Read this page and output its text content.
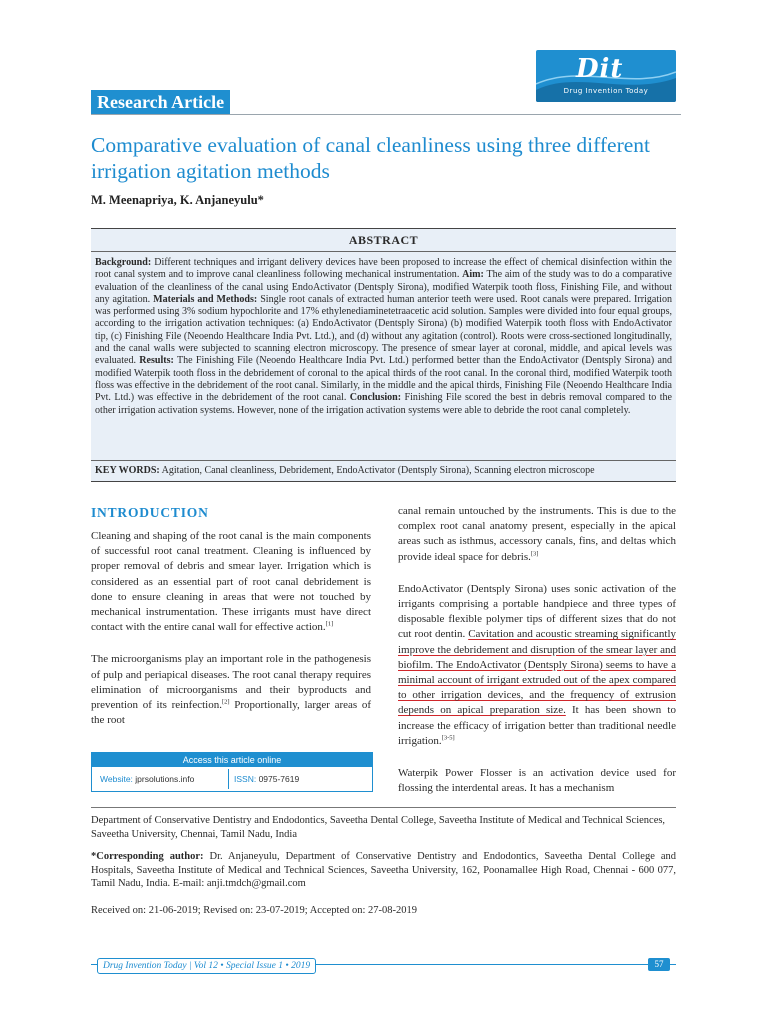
Dit
Drug Invention Today
Research Article
Comparative evaluation of canal cleanliness using three different irrigation agitation methods
M. Meenapriya, K. Anjaneyulu*
ABSTRACT
Background: Different techniques and irrigant delivery devices have been proposed to increase the effect of chemical disinfection within the root canal system and to improve canal cleanliness following mechanical instrumentation. Aim: The aim of the study was to do a comparative evaluation of the cleanliness of the canal using EndoActivator (Dentsply Sirona), modified Waterpik tooth floss, Finishing File, and without any agitation. Materials and Methods: Single root canals of extracted human anterior teeth were used. Root canals were prepared. Irrigation was performed using 3% sodium hypochlorite and 17% ethylenediaminetetraacetic acid solution. Samples were divided into four equal groups, according to the irrigation activation techniques: (a) EndoActivator (Dentsply Sirona) (b) modified Waterpik tooth floss with EndoActivator tip, (c) Finishing File (Neoendo Healthcare India Pvt. Ltd.), and (d) without any agitation (control). Roots were cross-sectioned longitudinally, and the canal walls were subjected to scanning electron microscopy. The presence of smear layer at coronal, middle, and apical levels was evaluated. Results: The Finishing File (Neoendo Healthcare India Pvt. Ltd.) performed better than the EndoActivator (Dentsply Sirona) and modified Waterpik tooth floss in the debridement of coronal to the apical thirds of the root canal. In the coronal third, modified Waterpik tooth floss was effective in the debridement of the root canal. Similarly, in the middle and the apical thirds, Finishing File (Neoendo Healthcare India Pvt. Ltd.) was effective in the debridement of the root canal. Conclusion: Finishing File scored the best in debris removal compared to the other irrigation activation systems. However, none of the irrigation activation systems were able to debride the root canal completely.
KEY WORDS: Agitation, Canal cleanliness, Debridement, EndoActivator (Dentsply Sirona), Scanning electron microscope
INTRODUCTION

Cleaning and shaping of the root canal is the main components of successful root canal treatment. Cleaning is influenced by proper removal of debris and smear layer. Irrigation which is considered as an essential part of root canal debridement is done to ensure cleaning in areas that were not touched by mechanical instrumentation. These irrigants must have direct contact with the entire canal wall for effective action.[1]

The microorganisms play an important role in the pathogenesis of pulp and periapical diseases. The root canal therapy requires elimination of microorganisms and their byproducts and prevention of its reinfection.[2] Proportionally, larger areas of the root

canal remain untouched by the instruments. This is due to the complex root canal anatomy present, especially in the apical areas such as isthmus, accessory canals, fins, and deltas which provide ideal space for debris.[3]

EndoActivator (Dentsply Sirona) uses sonic activation of the irrigants comprising a portable handpiece and three types of disposable flexible polymer tips of different sizes that do not cut root dentin. Cavitation and acoustic streaming significantly improve the debridement and disruption of the smear layer and biofilm. The EndoActivator (Dentsply Sirona) seems to have a minimal account of irrigant extruded out of the apex compared to other irrigation devices, and the frequency of extrusion depends on apical preparation size. It has been shown to increase the efficacy of irrigation better than traditional needle irrigation.[3-5]

Waterpik Power Flosser is an activation device used for flossing the interdental areas. It has a mechanism

Access this article online
Website: jprsolutions.info	ISSN: 0975-7619
Department of Conservative Dentistry and Endodontics, Saveetha Dental College, Saveetha Institute of Medical and Technical Sciences, Saveetha University, Chennai, Tamil Nadu, India
*Corresponding author: Dr. Anjaneyulu, Department of Conservative Dentistry and Endodontics, Saveetha Dental College and Hospitals, Saveetha Institute of Medical and Technical Sciences, Saveetha University, 162, Poonamallee High Road, Chennai - 600 077, Tamil Nadu, India. E-mail: anji.tmdch@gmail.com
Received on: 21-06-2019; Revised on: 23-07-2019; Accepted on: 27-08-2019
Drug Invention Today | Vol 12 • Special Issue 1 • 2019	57
